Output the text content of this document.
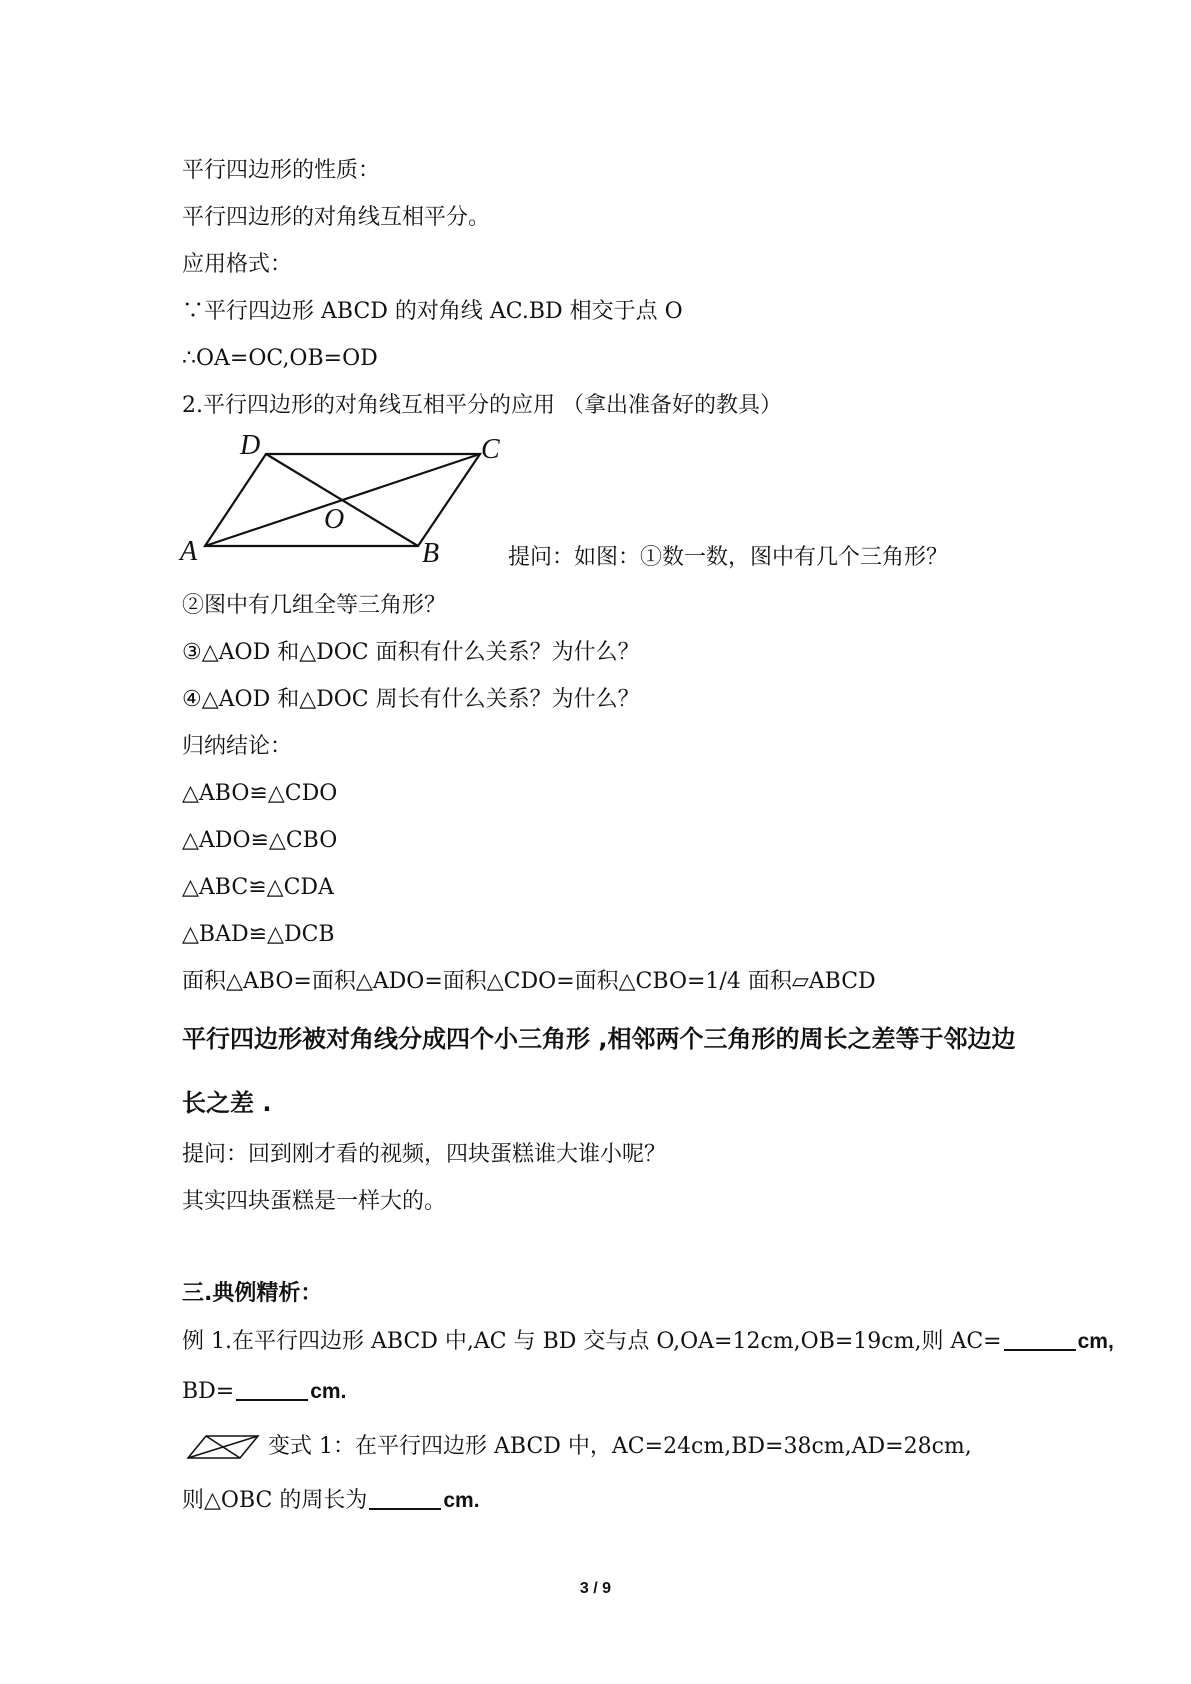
平行四边形的性质：
平行四边形的对角线互相平分。
应用格式：
∵平行四边形 ABCD 的对角线 AC.BD 相交于点 O
∴OA=OC,OB=OD
2.平行四边形的对角线互相平分的应用 （拿出准备好的教具）
A	B
C
D
O
提问：如图：①数一数，图中有几个三角形？
②图中有几组全等三角形？
③△AOD 和△DOC 面积有什么关系？为什么？
④△AOD 和△DOC 周长有什么关系？为什么？
归纳结论：
△ABO≌△CDO
△ADO≌△CBO
△ABC≌△CDA
△BAD≌△DCB
面积△ABO=面积△ADO=面积△CDO=面积△CBO=1/4 面积▱ABCD
平行四边形被对角线分成四个小三角形 ,相邻两个三角形的周长之差等于邻边边
长之差 .
提问：回到刚才看的视频，四块蛋糕谁大谁小呢？
其实四块蛋糕是一样大的。
三.典例精析：
例 1.在平行四边形 ABCD 中,AC 与 BD 交与点 O,OA=12cm,OB=19cm,则 AC=	cm,
BD=	cm.
变式 1：在平行四边形 ABCD 中，AC=24cm,BD=38cm,AD=28cm,
则△OBC 的周长为	cm.
3 / 9
